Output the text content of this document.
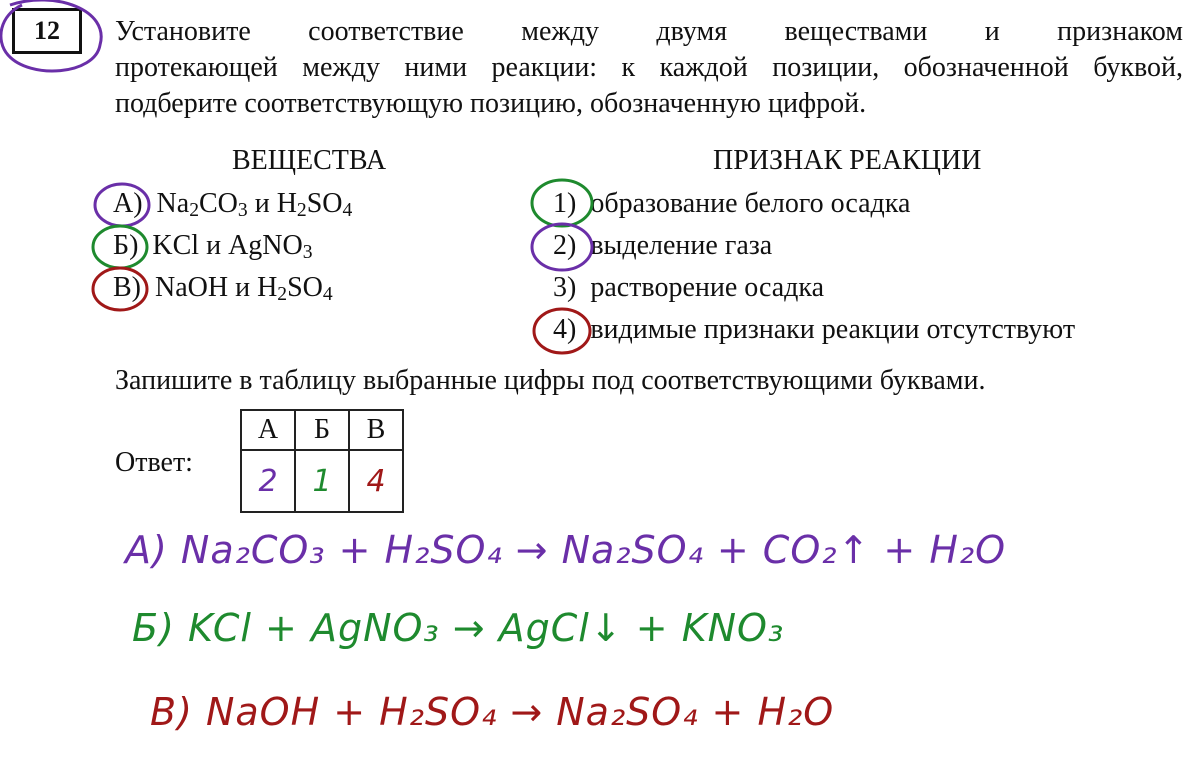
12	Установите соответствие между двумя веществами и признаком
протекающей между ними реакции: к каждой позиции, обозначенной буквой,
подберите соответствующую позицию, обозначенную цифрой.
ВЕЩЕСТВА
А) $Na_2CO_3$ и $H_2SO_4$
Б) KCl и AgNO$_3$
В) NaOH и $H_2SO_4$
ПРИЗНАК РЕАКЦИИ
1) образование белого осадка
2) выделение газа
3) растворение осадка
4) видимые признаки реакции отсутствуют
Запишите в таблицу выбранные цифры под соответствующими буквами.
Ответ:
А	Б	В
2	1	4
А) Na₂CO₃ + H₂SO₄ → Na₂SO₄ + CO₂↑ + H₂O
Б) KCl + AgNO₃ → AgCl↓ + KNO₃
В) NaOH + H₂SO₄ → Na₂SO₄ + H₂O
